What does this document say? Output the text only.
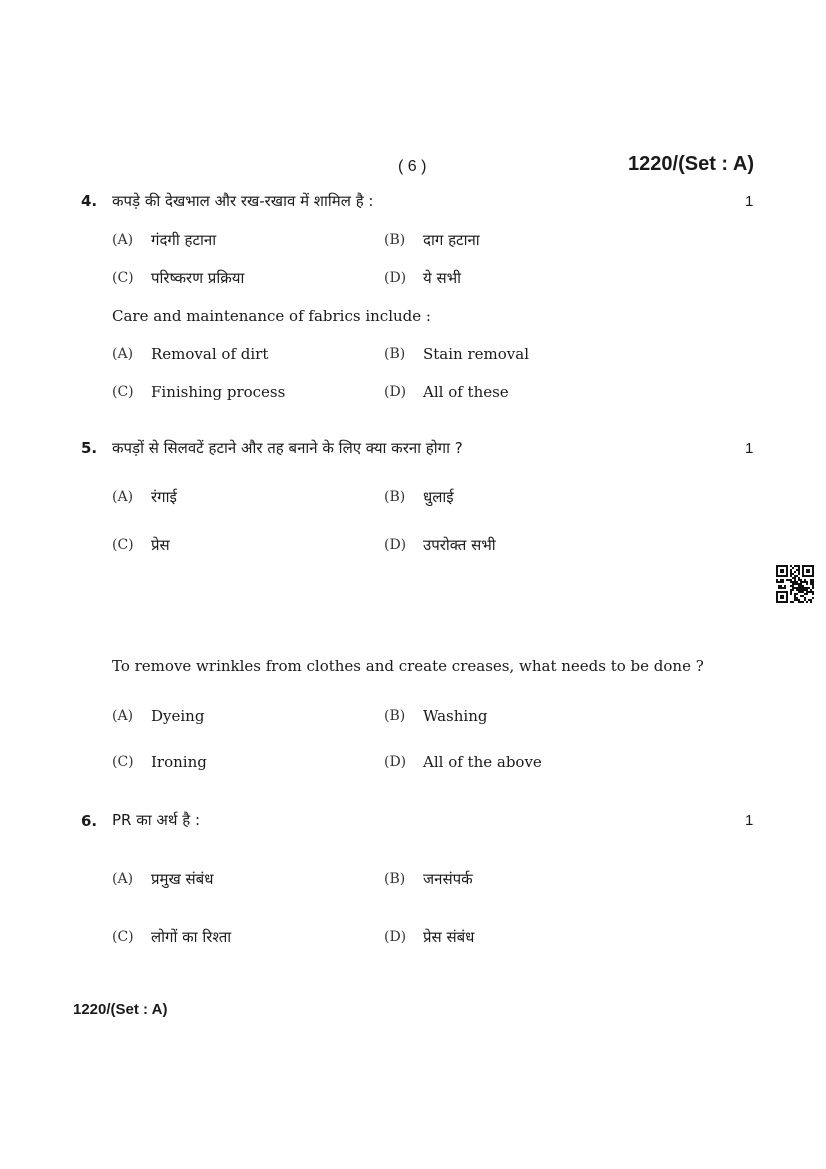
( 6 )	1220/(Set : A)
4. कपड़े की देखभाल और रख-रखाव में शामिल है :	1
(A) गंदगी हटाना	(B) दाग हटाना
(C) परिष्करण प्रक्रिया	(D) ये सभी
Care and maintenance of fabrics include :
(A) Removal of dirt	(B) Stain removal
(C) Finishing process	(D) All of these
5. कपड़ों से सिलवटें हटाने और तह बनाने के लिए क्या करना होगा ?	1
(A) रंगाई	(B) धुलाई
(C) प्रेस	(D) उपरोक्त सभी
To remove wrinkles from clothes and create creases, what needs to be done ?
(A) Dyeing	(B) Washing
(C) Ironing	(D) All of the above
6. PR का अर्थ है :	1
(A) प्रमुख संबंध	(B) जनसंपर्क
(C) लोगों का रिश्ता	(D) प्रेस संबंध
1220/(Set : A)
